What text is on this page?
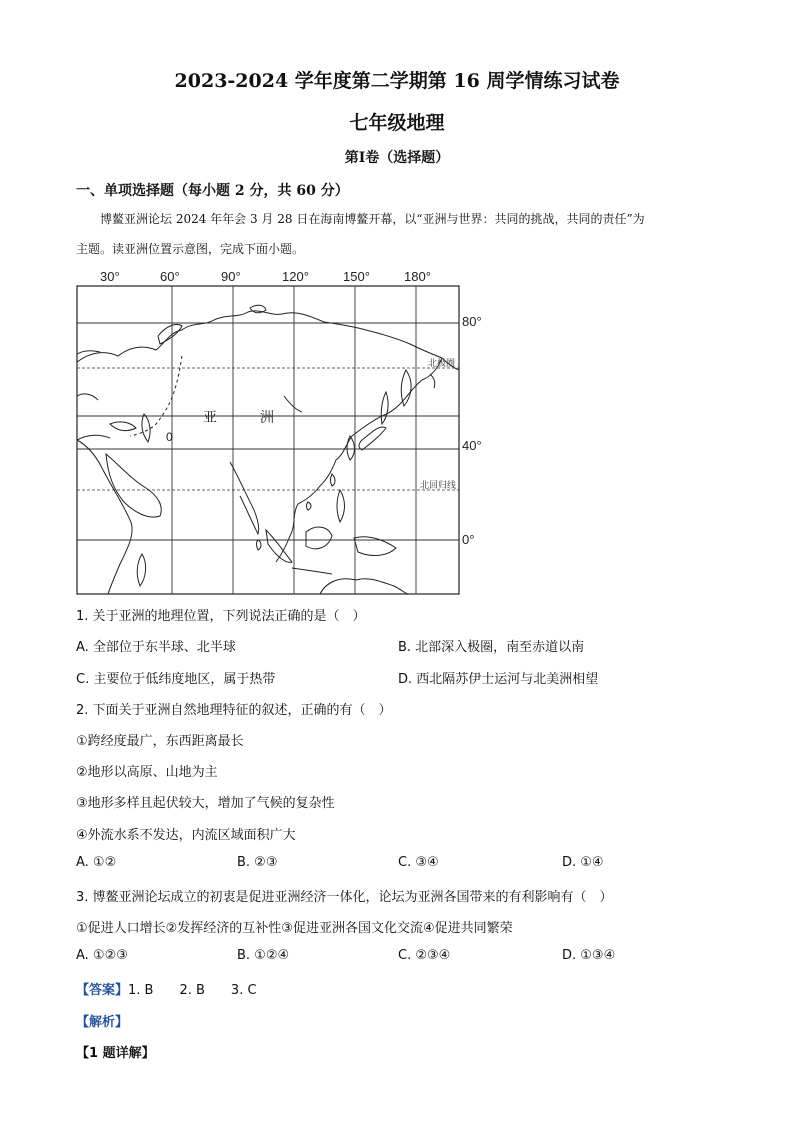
2023-2024 学年度第二学期第 16 周学情练习试卷
七年级地理
第Ⅰ卷（选择题）
一、单项选择题（每小题 2 分，共 60 分）
博鳌亚洲论坛 2024 年年会 3 月 28 日在海南博鳌开幕，以“亚洲与世界：共同的挑战，共同的责任”为
主题。读亚洲位置示意图，完成下面小题。
30°	60°	90°	120°	150°	180°
80°
40°
0°
亚	洲
0
北极圈
北回归线
1. 关于亚洲的地理位置，下列说法正确的是（　）
A. 全部位于东半球、北半球	B. 北部深入极圈，南至赤道以南
C. 主要位于低纬度地区，属于热带	D. 西北隔苏伊士运河与北美洲相望
2. 下面关于亚洲自然地理特征的叙述，正确的有（　）
①跨经度最广，东西距离最长
②地形以高原、山地为主
③地形多样且起伏较大，增加了气候的复杂性
④外流水系不发达，内流区域面积广大
A. ①②	B. ②③	C. ③④	D. ①④
3. 博鳌亚洲论坛成立的初衷是促进亚洲经济一体化，论坛为亚洲各国带来的有利影响有（　）
①促进人口增长②发挥经济的互补性③促进亚洲各国文化交流④促进共同繁荣
A. ①②③	B. ①②④	C. ②③④	D. ①③④
【答案】1. B　　2. B　　3. C
【解析】
【1 题详解】
